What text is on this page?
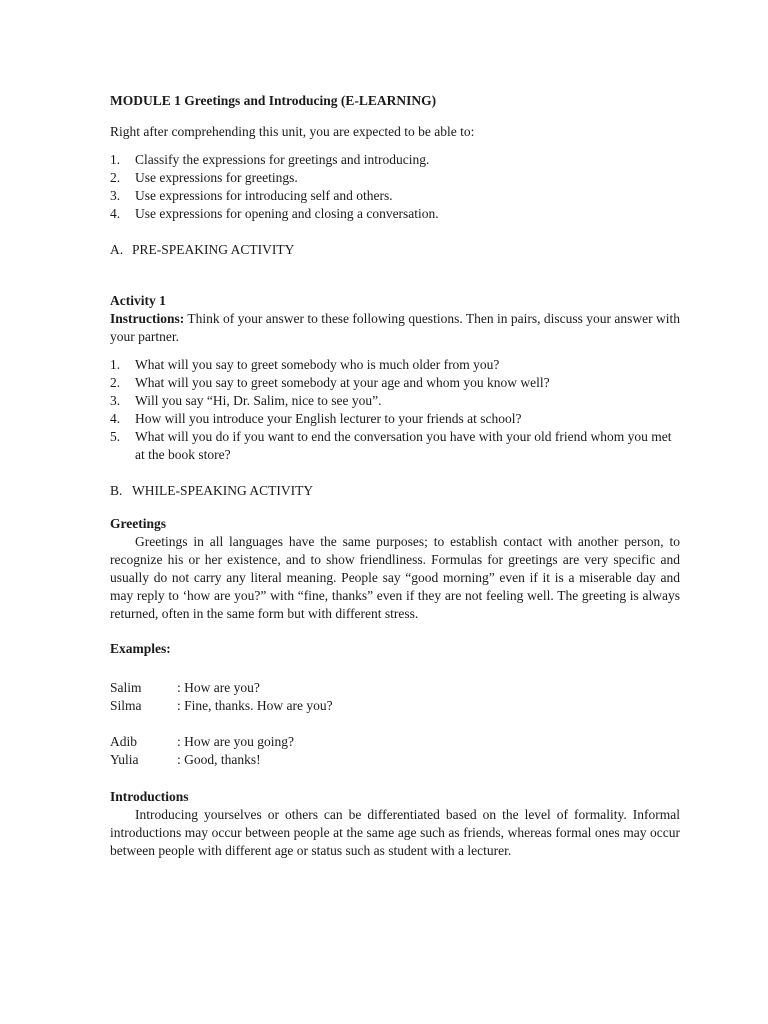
MODULE 1 Greetings and Introducing (E-LEARNING)

Right after comprehending this unit, you are expected to be able to:

1.	Classify the expressions for greetings and introducing.
2.	Use expressions for greetings.
3.	Use expressions for introducing self and others.
4.	Use expressions for opening and closing a conversation.

A. PRE-SPEAKING ACTIVITY

Activity 1

Instructions: Think of your answer to these following questions. Then in pairs, discuss your answer with your partner.

1.	What will you say to greet somebody who is much older from you?
2.	What will you say to greet somebody at your age and whom you know well?
3.	Will you say “Hi, Dr. Salim, nice to see you”.
4.	How will you introduce your English lecturer to your friends at school?
5.	What will you do if you want to end the conversation you have with your old friend whom you met at the book store?

B. WHILE-SPEAKING ACTIVITY

Greetings

Greetings in all languages have the same purposes; to establish contact with another person, to recognize his or her existence, and to show friendliness. Formulas for greetings are very specific and usually do not carry any literal meaning. People say “good morning” even if it is a miserable day and may reply to ‘how are you?” with “fine, thanks” even if they are not feeling well. The greeting is always returned, often in the same form but with different stress.

Examples:

Salim	: How are you?
Silma	: Fine, thanks. How are you?
Adib	: How are you going?
Yulia	: Good, thanks!

Introductions

Introducing yourselves or others can be differentiated based on the level of formality. Informal introductions may occur between people at the same age such as friends, whereas formal ones may occur between people with different age or status such as student with a lecturer.
